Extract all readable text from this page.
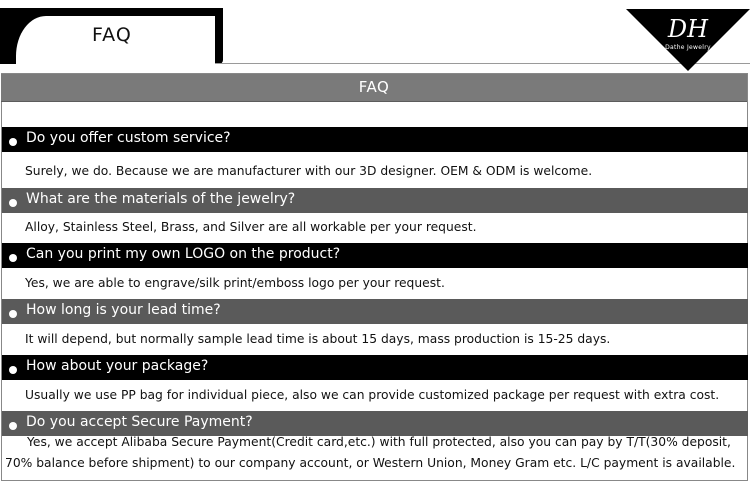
FAQ	DH
Dathe Jewelry
FAQ
Do you offer custom service?
Surely, we do. Because we are manufacturer with our 3D designer. OEM & ODM is welcome.
What are the materials of the jewelry?
Alloy, Stainless Steel, Brass, and Silver are all workable per your request.
Can you print my own LOGO on the product?
Yes, we are able to engrave/silk print/emboss logo per your request.
How long is your lead time?
It will depend, but normally sample lead time is about 15 days, mass production is 15-25 days.
How about your package?
Usually we use PP bag for individual piece, also we can provide customized package per request with extra cost.
Do you accept Secure Payment?
Yes, we accept Alibaba Secure Payment(Credit card,etc.) with full protected, also you can pay by T/T(30% deposit,
70% balance before shipment) to our company account, or Western Union, Money Gram etc. L/C payment is available.
